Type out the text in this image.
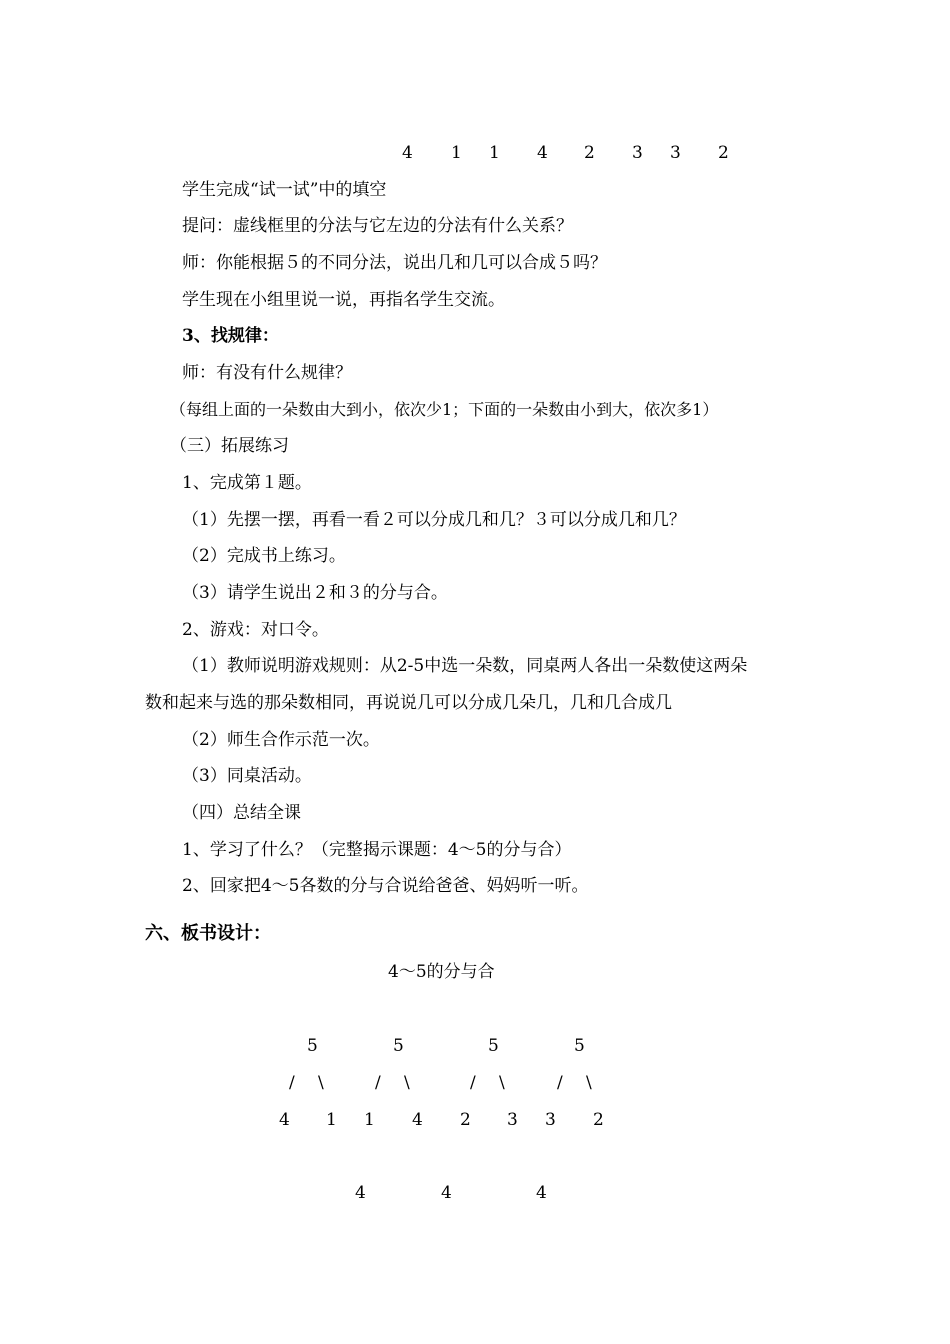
4 1 1 4 2 3 3 2
学生完成“试一试”中的填空
提问：虚线框里的分法与它左边的分法有什么关系？
师：你能根据５的不同分法，说出几和几可以合成５吗？
学生现在小组里说一说，再指名学生交流。
3、找规律：
师：有没有什么规律？
（每组上面的一朵数由大到小，依次少1；下面的一朵数由小到大，依次多1）
（三）拓展练习
1、完成第１题。
（1）先摆一摆，再看一看２可以分成几和几？３可以分成几和几？
（2）完成书上练习。
（3）请学生说出２和３的分与合。
2、游戏：对口令。
（1）教师说明游戏规则：从2-5中选一朵数，同桌两人各出一朵数使这两朵
数和起来与选的那朵数相同，再说说几可以分成几朵几，几和几合成几
（2）师生合作示范一次。
（3）同桌活动。
（四）总结全课
1、学习了什么？（完整揭示课题：4～5的分与合）
2、回家把4～5各数的分与合说给爸爸、妈妈听一听。
六、板书设计：
4～5的分与合
5	5	5	5
/ \	/ \	/ \	/ \
4 1 1 4 2 3 3 2
4	4	4
